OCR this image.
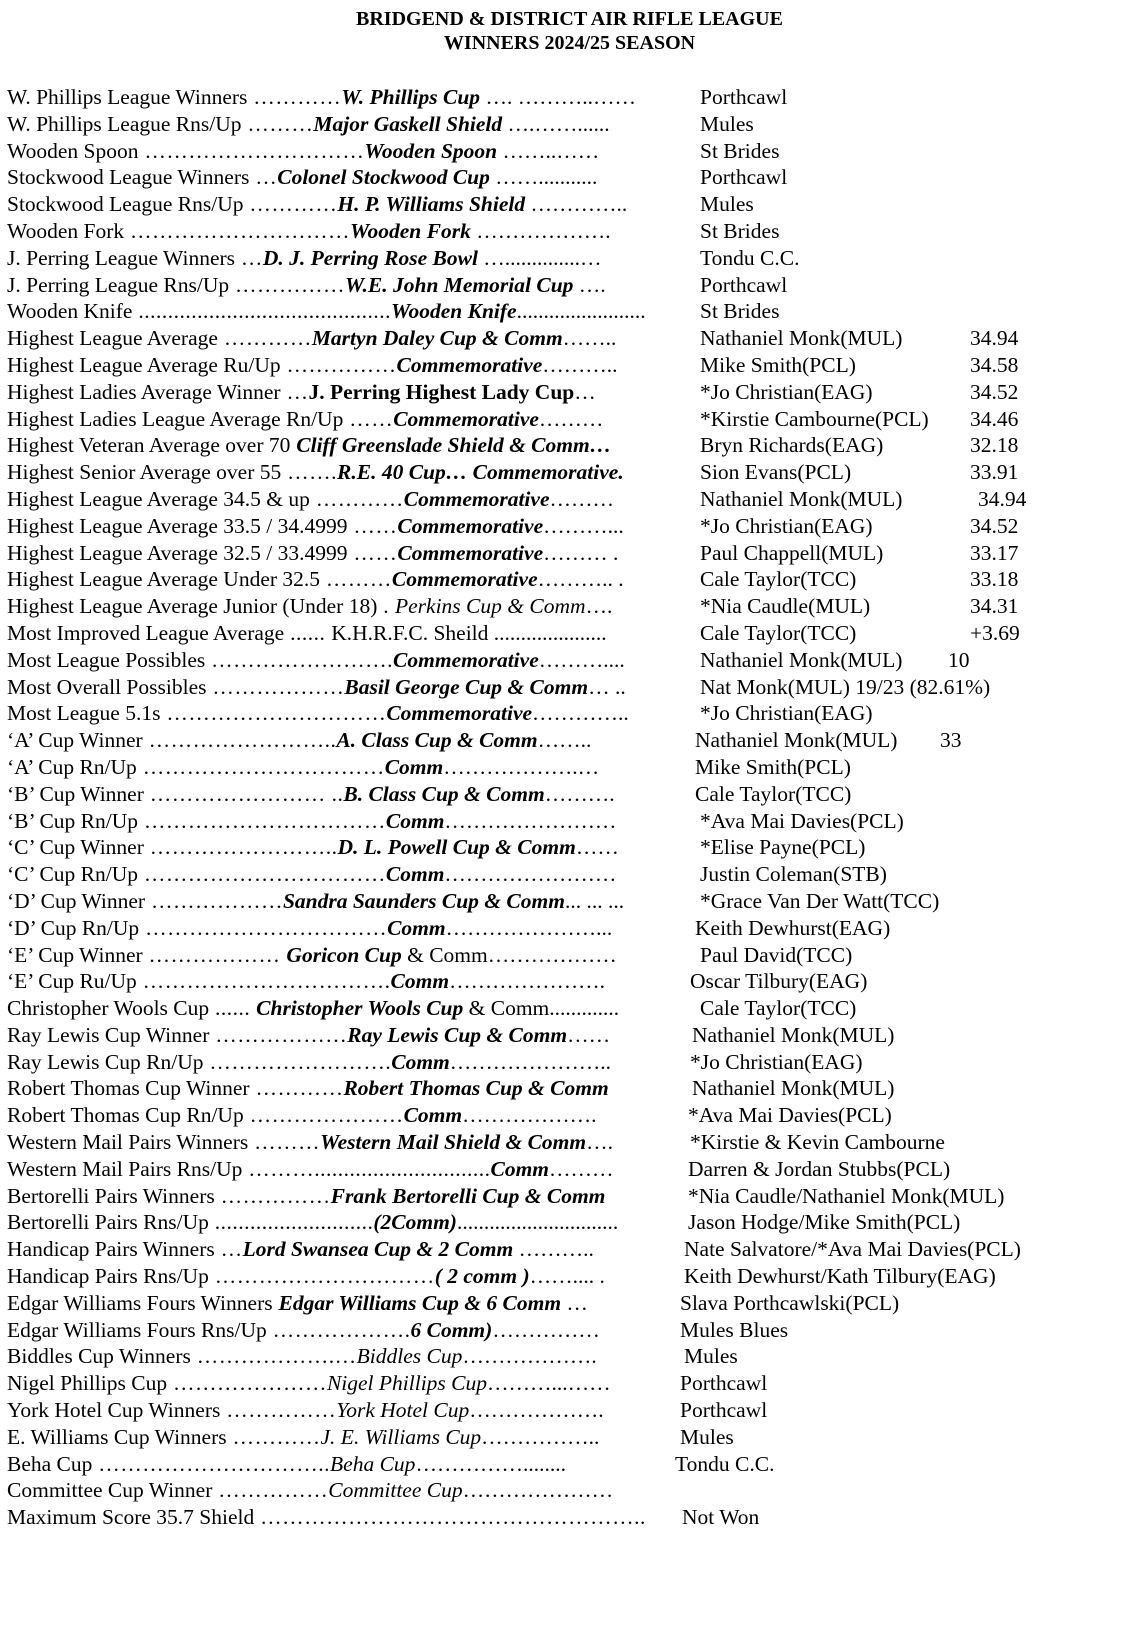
BRIDGEND & DISTRICT AIR RIFLE LEAGUE
WINNERS 2024/25 SEASON
W. Phillips League Winners …………W. Phillips Cup …. ………..……	Porthcawl
W. Phillips League Rns/Up ………Major Gaskell Shield ….……......	Mules
Wooden Spoon …………………………Wooden Spoon ……..……	St Brides
Stockwood League Winners …Colonel Stockwood Cup ……...........	Porthcawl
Stockwood League Rns/Up …………H. P. Williams Shield …………..	Mules
Wooden Fork …………………………Wooden Fork ……………….	St Brides
J. Perring League Winners …D. J. Perring Rose Bowl …..............…	Tondu C.C.
J. Perring League Rns/Up ……………W.E. John Memorial Cup ….	Porthcawl
Wooden Knife ...........................................Wooden Knife........................	St Brides
Highest League Average …………Martyn Daley Cup & Comm……..	Nathaniel Monk(MUL)	34.94
Highest League Average Ru/Up ……………Commemorative………..	Mike Smith(PCL)	34.58
Highest Ladies Average Winner …J. Perring Highest Lady Cup…	*Jo Christian(EAG)	34.52
Highest Ladies League Average Rn/Up ……Commemorative………	*Kirstie Cambourne(PCL) 34.46
Highest Veteran Average over 70 Cliff Greenslade Shield & Comm…	Bryn Richards(EAG)	32.18
Highest Senior Average over 55 …….R.E. 40 Cup… Commemorative.	Sion Evans(PCL)	33.91
Highest League Average 34.5 & up …………Commemorative………	Nathaniel Monk(MUL)	34.94
Highest League Average 33.5 / 34.4999 ……Commemorative………...	*Jo Christian(EAG)	34.52
Highest League Average 32.5 / 33.4999 ……Commemorative……… .	Paul Chappell(MUL)	33.17
Highest League Average Under 32.5 ………Commemorative……….. .	Cale Taylor(TCC)	33.18
Highest League Average Junior (Under 18) . Perkins Cup & Comm….	*Nia Caudle(MUL)	34.31
Most Improved League Average ...... K.H.R.F.C. Sheild .....................	Cale Taylor(TCC)	+3.69
Most League Possibles …………………….Commemorative………....	Nathaniel Monk(MUL) 10
Most Overall Possibles ………………Basil George Cup & Comm… ..	Nat Monk(MUL) 19/23 (82.61%)
Most League 5.1s …………………………Commemorative…………..	*Jo Christian(EAG)
‘A’ Cup Winner ……………………..A. Class Cup & Comm……..	Nathaniel Monk(MUL) 33
‘A’ Cup Rn/Up ……………………………Comm……………….…	Mike Smith(PCL)
‘B’ Cup Winner …………………… ..B. Class Cup & Comm……….	Cale Taylor(TCC)
‘B’ Cup Rn/Up ……………………………Comm……………………	*Ava Mai Davies(PCL)
‘C’ Cup Winner ……………………..D. L. Powell Cup & Comm……	*Elise Payne(PCL)
‘C’ Cup Rn/Up ……………………………Comm……………………	Justin Coleman(STB)
‘D’ Cup Winner ………………Sandra Saunders Cup & Comm... ... ...	*Grace Van Der Watt(TCC)
‘D’ Cup Rn/Up ……………………………Comm…………………...	Keith Dewhurst(EAG)
‘E’ Cup Winner ……………… Goricon Cup & Comm………………	Paul David(TCC)
‘E’ Cup Ru/Up …………………………….Comm………………….	Oscar Tilbury(EAG)
Christopher Wools Cup ...... Christopher Wools Cup & Comm.............	Cale Taylor(TCC)
Ray Lewis Cup Winner ………………Ray Lewis Cup & Comm……	Nathaniel Monk(MUL)
Ray Lewis Cup Rn/Up …………………….Comm…………………..	*Jo Christian(EAG)
Robert Thomas Cup Winner …………Robert Thomas Cup & Comm	Nathaniel Monk(MUL)
Robert Thomas Cup Rn/Up …………………Comm……………….	*Ava Mai Davies(PCL)
Western Mail Pairs Winners ………Western Mail Shield & Comm….	*Kirstie & Kevin Cambourne
Western Mail Pairs Rns/Up ………..............................Comm………	Darren & Jordan Stubbs(PCL)
Bertorelli Pairs Winners ……………Frank Bertorelli Cup & Comm	*Nia Caudle/Nathaniel Monk(MUL)
Bertorelli Pairs Rns/Up ...........................(2Comm)..............................	Jason Hodge/Mike Smith(PCL)
Handicap Pairs Winners …Lord Swansea Cup & 2 Comm ………..	Nate Salvatore/*Ava Mai Davies(PCL)
Handicap Pairs Rns/Up …………………………( 2 comm )…….... .	Keith Dewhurst/Kath Tilbury(EAG)
Edgar Williams Fours Winners Edgar Williams Cup & 6 Comm …	Slava Porthcawlski(PCL)
Edgar Williams Fours Rns/Up ……………….6 Comm)……………	Mules Blues
Biddles Cup Winners ……………….…Biddles Cup……………….	Mules
Nigel Phillips Cup …………………Nigel Phillips Cup………...……	Porthcawl
York Hotel Cup Winners ……………York Hotel Cup……………….	Porthcawl
E. Williams Cup Winners …………J. E. Williams Cup……………..	Mules
Beha Cup …………………………..Beha Cup……………........	Tondu C.C.
Committee Cup Winner ……………Committee Cup…………………
Maximum Score 35.7 Shield …………………………………………….. Not Won
